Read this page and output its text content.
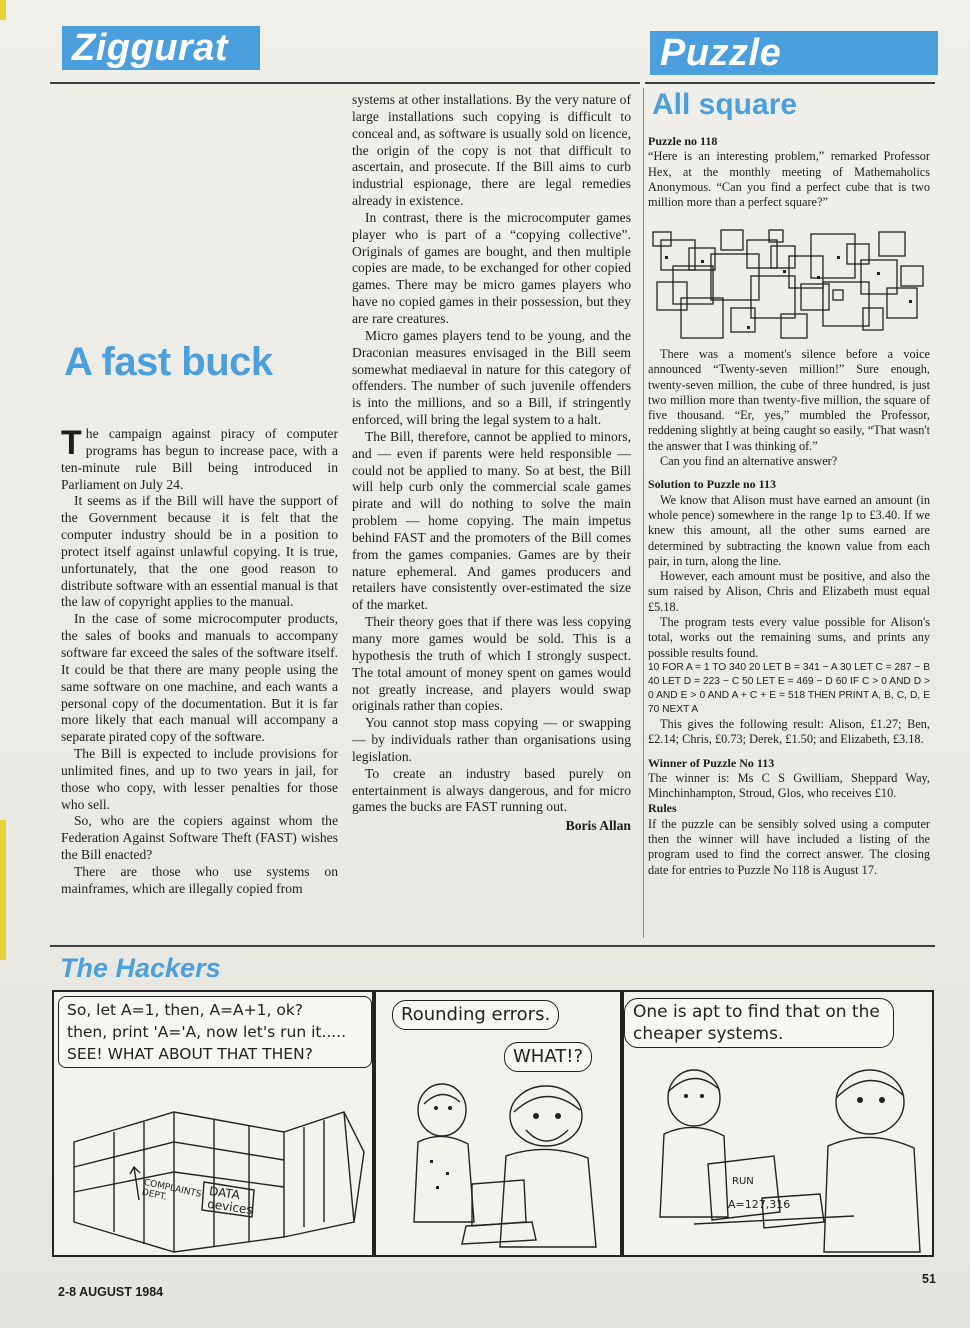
Ziggurat	Puzzle
A fast buck

The campaign against piracy of computer programs has begun to increase pace, with a ten-minute rule Bill being introduced in Parliament on July 24.

It seems as if the Bill will have the support of the Government because it is felt that the computer industry should be in a position to protect itself against unlawful copying. It is true, unfortunately, that the one good reason to distribute software with an essential manual is that the law of copyright applies to the manual.

In the case of some microcomputer products, the sales of books and manuals to accompany software far exceed the sales of the software itself. It could be that there are many people using the same software on one machine, and each wants a personal copy of the documentation. But it is far more likely that each manual will accompany a separate pirated copy of the software.

The Bill is expected to include provisions for unlimited fines, and up to two years in jail, for those who copy, with lesser penalties for those who sell.

So, who are the copiers against whom the Federation Against Software Theft (FAST) wishes the Bill enacted?

There are those who use systems on mainframes, which are illegally copied from

systems at other installations. By the very nature of large installations such copying is difficult to conceal and, as software is usually sold on licence, the origin of the copy is not that difficult to ascertain, and prosecute. If the Bill aims to curb industrial espionage, there are legal remedies already in existence.

In contrast, there is the microcomputer games player who is part of a “copying collective”. Originals of games are bought, and then multiple copies are made, to be exchanged for other copied games. There may be micro games players who have no copied games in their possession, but they are rare creatures.

Micro games players tend to be young, and the Draconian measures envisaged in the Bill seem somewhat mediaeval in nature for this category of offenders. The number of such juvenile offenders is into the millions, and so a Bill, if stringently enforced, will bring the legal system to a halt.

The Bill, therefore, cannot be applied to minors, and — even if parents were held responsible — could not be applied to many. So at best, the Bill will help curb only the commercial scale games pirate and will do nothing to solve the main problem — home copying. The main impetus behind FAST and the promoters of the Bill comes from the games companies. Games are by their nature ephemeral. And games producers and retailers have consistently over-estimated the size of the market.

Their theory goes that if there was less copying many more games would be sold. This is a hypothesis the truth of which I strongly suspect. The total amount of money spent on games would not greatly increase, and players would swap originals rather than copies.

You cannot stop mass copying — or swapping — by individuals rather than organisations using legislation.

To create an industry based purely on entertainment is always dangerous, and for micro games the bucks are FAST running out.

Boris Allan
All square

Puzzle no 118

“Here is an interesting problem,” remarked Professor Hex, at the monthly meeting of Mathemaholics Anonymous. “Can you find a perfect cube that is two million more than a perfect square?”

There was a moment's silence before a voice announced “Twenty-seven million!” Sure enough, twenty-seven million, the cube of three hundred, is just two million more than twenty-five million, the square of five thousand. “Er, yes,” mumbled the Professor, reddening slightly at being caught so easily, “That wasn't the answer that I was thinking of.”

Can you find an alternative answer?

Solution to Puzzle no 113

We know that Alison must have earned an amount (in whole pence) somewhere in the range 1p to £3.40. If we knew this amount, all the other sums earned are determined by subtracting the known value from each pair, in turn, along the line.

However, each amount must be positive, and also the sum raised by Alison, Chris and Elizabeth must equal £5.18.

The program tests every value possible for Alison's total, works out the remaining sums, and prints any possible results found.

10 FOR A = 1 TO 340 20 LET B = 341 − A 30 LET C = 287 − B 40 LET D = 223 − C 50 LET E = 469 − D 60 IF C > 0 AND D > 0 AND E > 0 AND A + C + E = 518 THEN PRINT A, B, C, D, E 70 NEXT A

This gives the following result: Alison, £1.27; Ben, £2.14; Chris, £0.73; Derek, £1.50; and Elizabeth, £3.18.

Winner of Puzzle No 113

The winner is: Ms C S Gwilliam, Sheppard Way, Minchinhampton, Stroud, Glos, who receives £10.

Rules

If the puzzle can be sensibly solved using a computer then the winner will have included a listing of the program used to find the correct answer. The closing date for entries to Puzzle No 118 is August 17.

The Hackers
So, let A=1, then, A=A+1, ok?
then, print 'A='A, now let's run it.....
SEE! WHAT ABOUT THAT THEN?
COMPLAINTS DEPT.	DATA devices
Rounding errors.
WHAT!?
One is apt to find that on the cheaper systems.
RUN
A=127,316
2-8 AUGUST 1984
51
